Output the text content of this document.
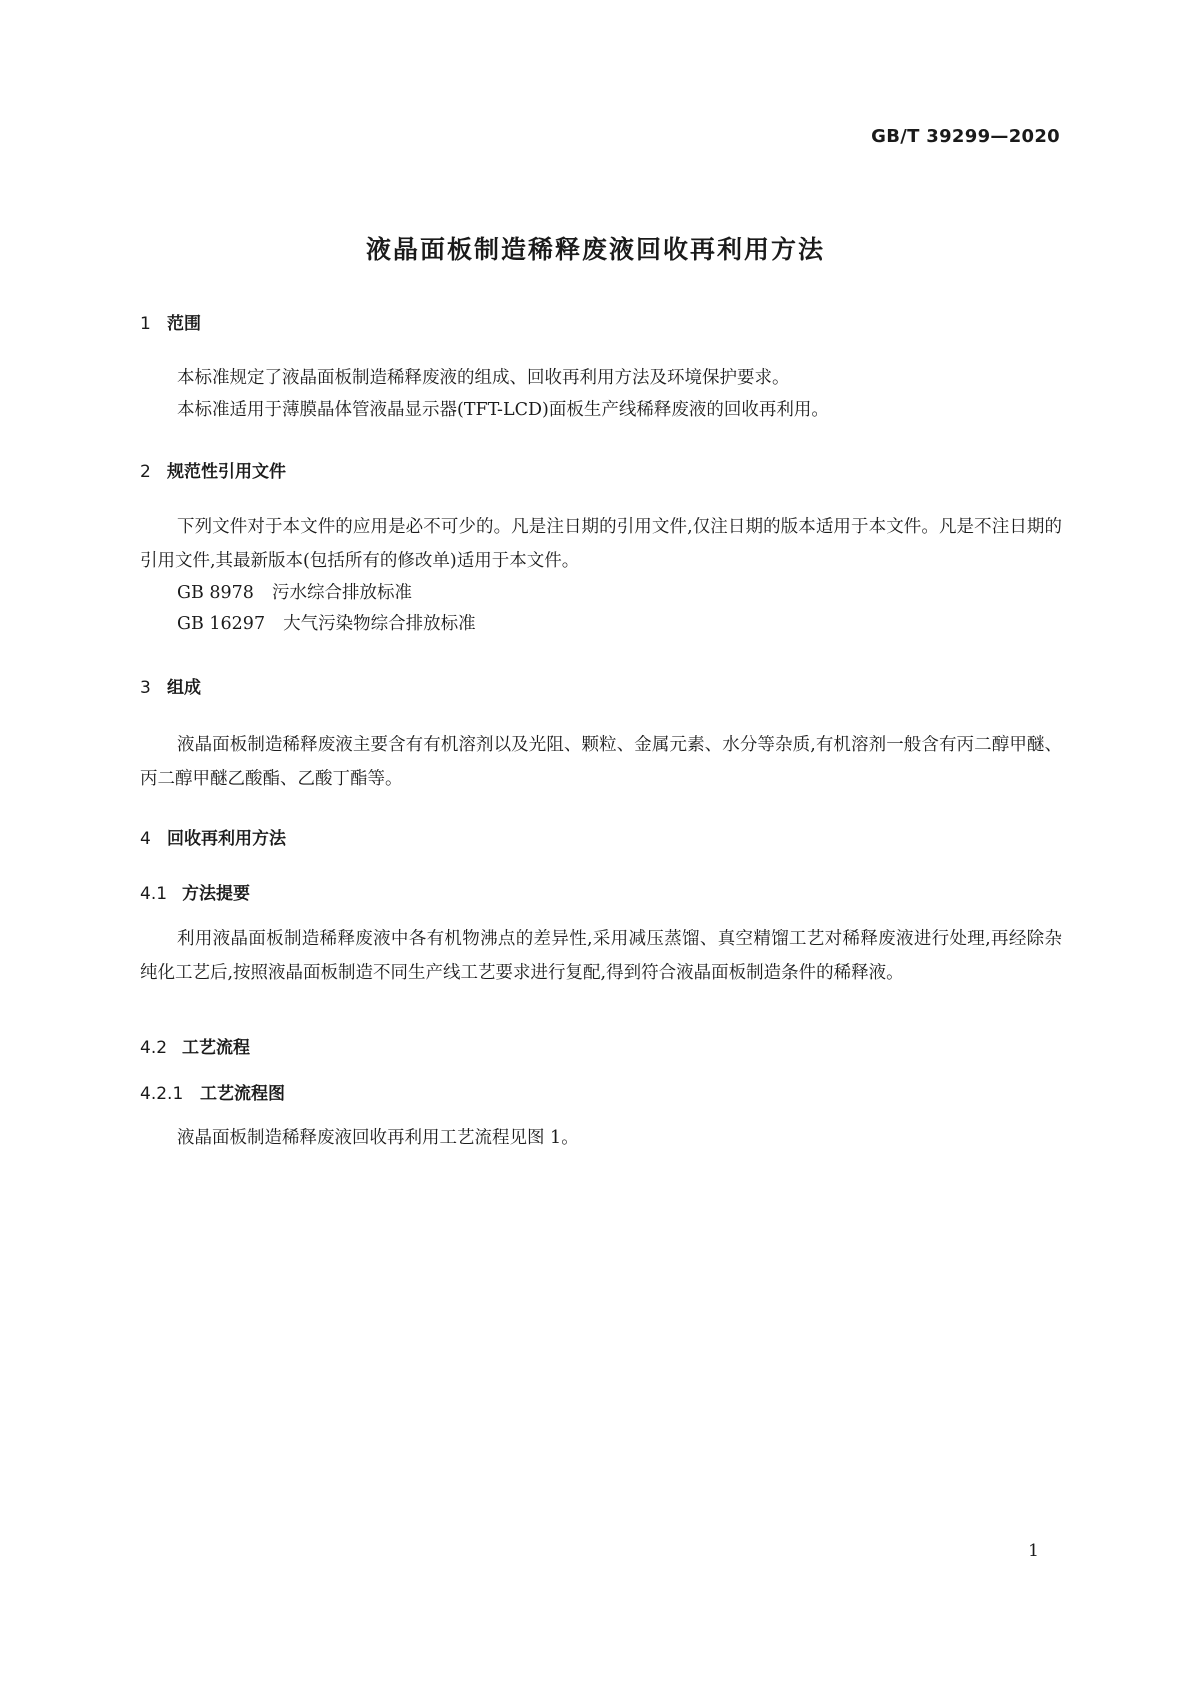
GB/T 39299—2020
液晶面板制造稀释废液回收再利用方法
1 范围
本标准规定了液晶面板制造稀释废液的组成、回收再利用方法及环境保护要求。
本标准适用于薄膜晶体管液晶显示器(TFT-LCD)面板生产线稀释废液的回收再利用。
2 规范性引用文件
下列文件对于本文件的应用是必不可少的。凡是注日期的引用文件,仅注日期的版本适用于本文件。凡是不注日期的引用文件,其最新版本(包括所有的修改单)适用于本文件。
GB 8978 污水综合排放标准
GB 16297 大气污染物综合排放标准
3 组成
液晶面板制造稀释废液主要含有有机溶剂以及光阻、颗粒、金属元素、水分等杂质,有机溶剂一般含有丙二醇甲醚、丙二醇甲醚乙酸酯、乙酸丁酯等。
4 回收再利用方法
4.1 方法提要
利用液晶面板制造稀释废液中各有机物沸点的差异性,采用减压蒸馏、真空精馏工艺对稀释废液进行处理,再经除杂纯化工艺后,按照液晶面板制造不同生产线工艺要求进行复配,得到符合液晶面板制造条件的稀释液。
4.2 工艺流程
4.2.1 工艺流程图
液晶面板制造稀释废液回收再利用工艺流程见图 1。
1
